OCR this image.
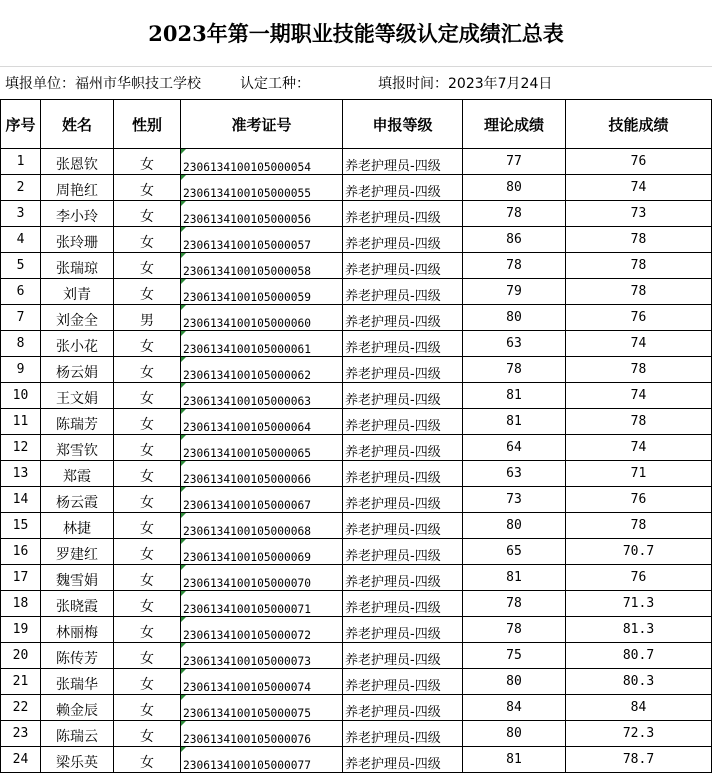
2023年第一期职业技能等级认定成绩汇总表
填报单位：福州市华帜技工学校	认定工种：	填报时间：2023年7月24日
序号	姓名	性别	准考证号	申报等级	理论成绩	技能成绩
1	张恩钦	女	2306134100105000054	养老护理员-四级	77	76
2	周艳红	女	2306134100105000055	养老护理员-四级	80	74
3	李小玲	女	2306134100105000056	养老护理员-四级	78	73
4	张玲珊	女	2306134100105000057	养老护理员-四级	86	78
5	张瑞琼	女	2306134100105000058	养老护理员-四级	78	78
6	刘青	女	2306134100105000059	养老护理员-四级	79	78
7	刘金全	男	2306134100105000060	养老护理员-四级	80	76
8	张小花	女	2306134100105000061	养老护理员-四级	63	74
9	杨云娟	女	2306134100105000062	养老护理员-四级	78	78
10	王文娟	女	2306134100105000063	养老护理员-四级	81	74
11	陈瑞芳	女	2306134100105000064	养老护理员-四级	81	78
12	郑雪钦	女	2306134100105000065	养老护理员-四级	64	74
13	郑霞	女	2306134100105000066	养老护理员-四级	63	71
14	杨云霞	女	2306134100105000067	养老护理员-四级	73	76
15	林捷	女	2306134100105000068	养老护理员-四级	80	78
16	罗建红	女	2306134100105000069	养老护理员-四级	65	70.7
17	魏雪娟	女	2306134100105000070	养老护理员-四级	81	76
18	张晓霞	女	2306134100105000071	养老护理员-四级	78	71.3
19	林丽梅	女	2306134100105000072	养老护理员-四级	78	81.3
20	陈传芳	女	2306134100105000073	养老护理员-四级	75	80.7
21	张瑞华	女	2306134100105000074	养老护理员-四级	80	80.3
22	赖金辰	女	2306134100105000075	养老护理员-四级	84	84
23	陈瑞云	女	2306134100105000076	养老护理员-四级	80	72.3
24	梁乐英	女	2306134100105000077	养老护理员-四级	81	78.7
